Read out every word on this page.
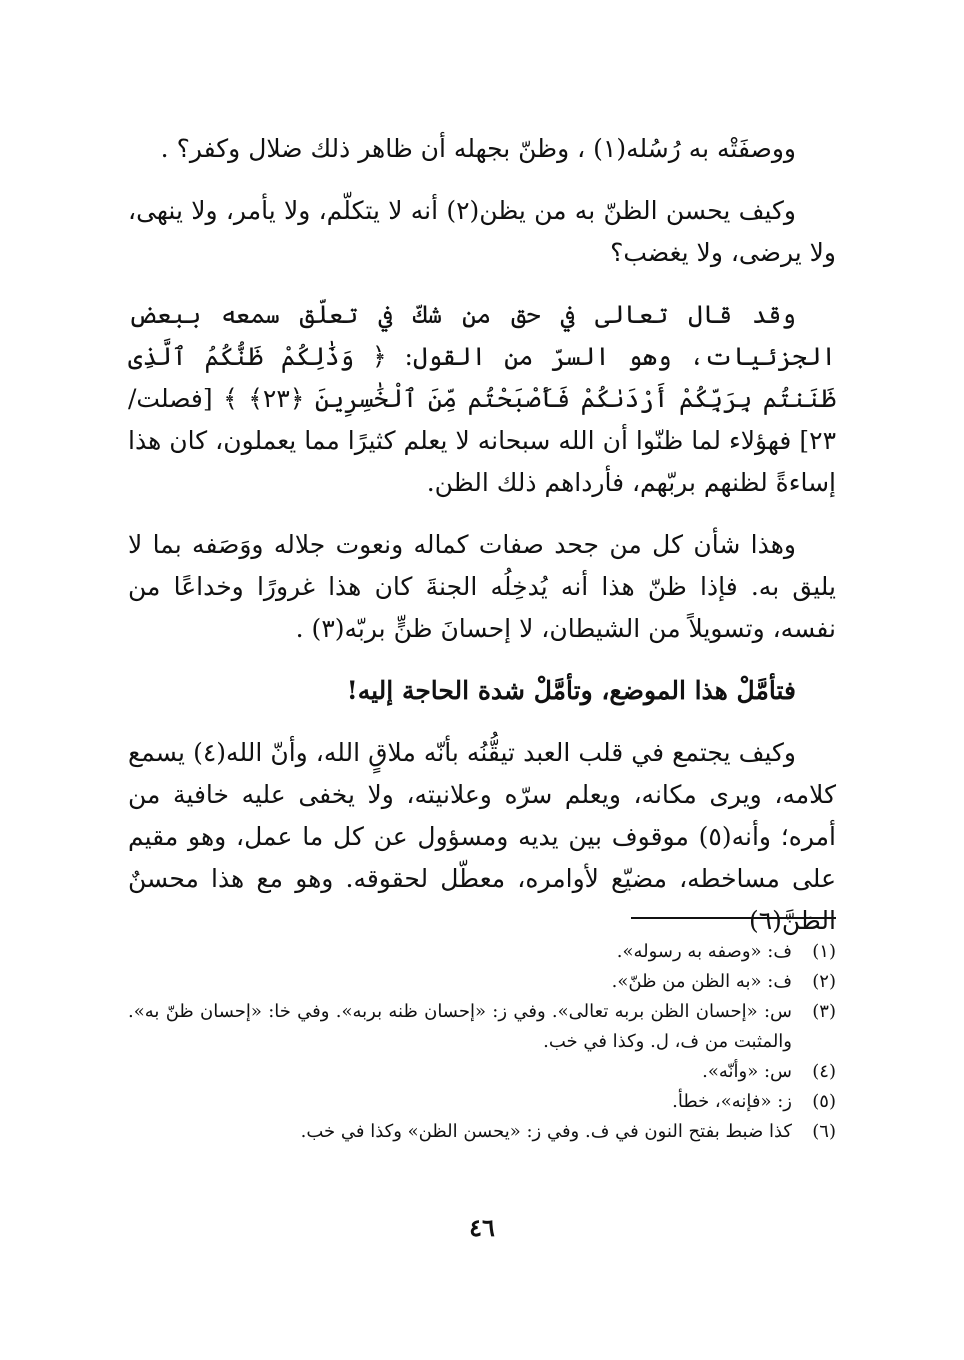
ووصفَتْه به رُسُله(١) ، وظنّ بجهله أن ظاهر ذلك ضلال وكفر؟ .

وكيف يحسن الظنّ به من يظن(٢) أنه لا يتكلّم، ولا يأمر، ولا ينهى، ولا يرضى، ولا يغضب؟

وقد قال تعالى في حق من شكّ في تعلّق سمعه ببعض الجزئيات، وهو السرّ من القول: ﴿ وَذَٰلِكُمْ ظَنُّكُمُ ٱلَّذِى ظَنَنتُم بِرَبِّكُمْ أَرْدَىٰكُمْ فَأَصْبَحْتُم مِّنَ ٱلْخَٰسِرِينَ ﴿٢٣﴾ ﴾ [فصلت/ ٢٣] فهؤلاء لما ظنّوا أن الله سبحانه لا يعلم كثيرًا مما يعملون، كان هذا إساءةً لظنهم بربّهم، فأرداهم ذلك الظن.

وهذا شأن كل من جحد صفات كماله ونعوت جلاله ووَصَفه بما لا يليق به. فإذا ظنّ هذا أنه يُدخِلُه الجنةَ كان هذا غرورًا وخداعًا من نفسه، وتسويلاً من الشيطان، لا إحسانَ ظنٍّ بربّه(٣) .

فتأمَّلْ هذا الموضع، وتأمَّلْ شدة الحاجة إليه!

وكيف يجتمع في قلب العبد تيقُّنُه بأنّه ملاقٍ الله، وأنّ الله(٤) يسمع كلامه، ويرى مكانه، ويعلم سرّه وعلانيته، ولا يخفى عليه خافية من أمره؛ وأنه(٥) موقوف بين يديه ومسؤول عن كل ما عمل، وهو مقيم على مساخطه، مضيّع لأوامره، معطّل لحقوقه. وهو مع هذا محسنٌ الظنَّ(٦)

(١)
ف: «وصفه به رسوله».
(٢)
ف: «به الظن من ظنّ».
(٣)
س: «إحسان الظن بربه تعالى». وفي ز: «إحسان ظنه بربه». وفي خا: «إحسان ظنّ به». والمثبت من ف، ل. وكذا في خب.
(٤)
س: «وأنّه».
(٥)
ز: «فإنه»، خطأ.
(٦)
كذا ضبط بفتح النون في ف. وفي ز: «يحسن الظن» وكذا في خب.
٤٦
